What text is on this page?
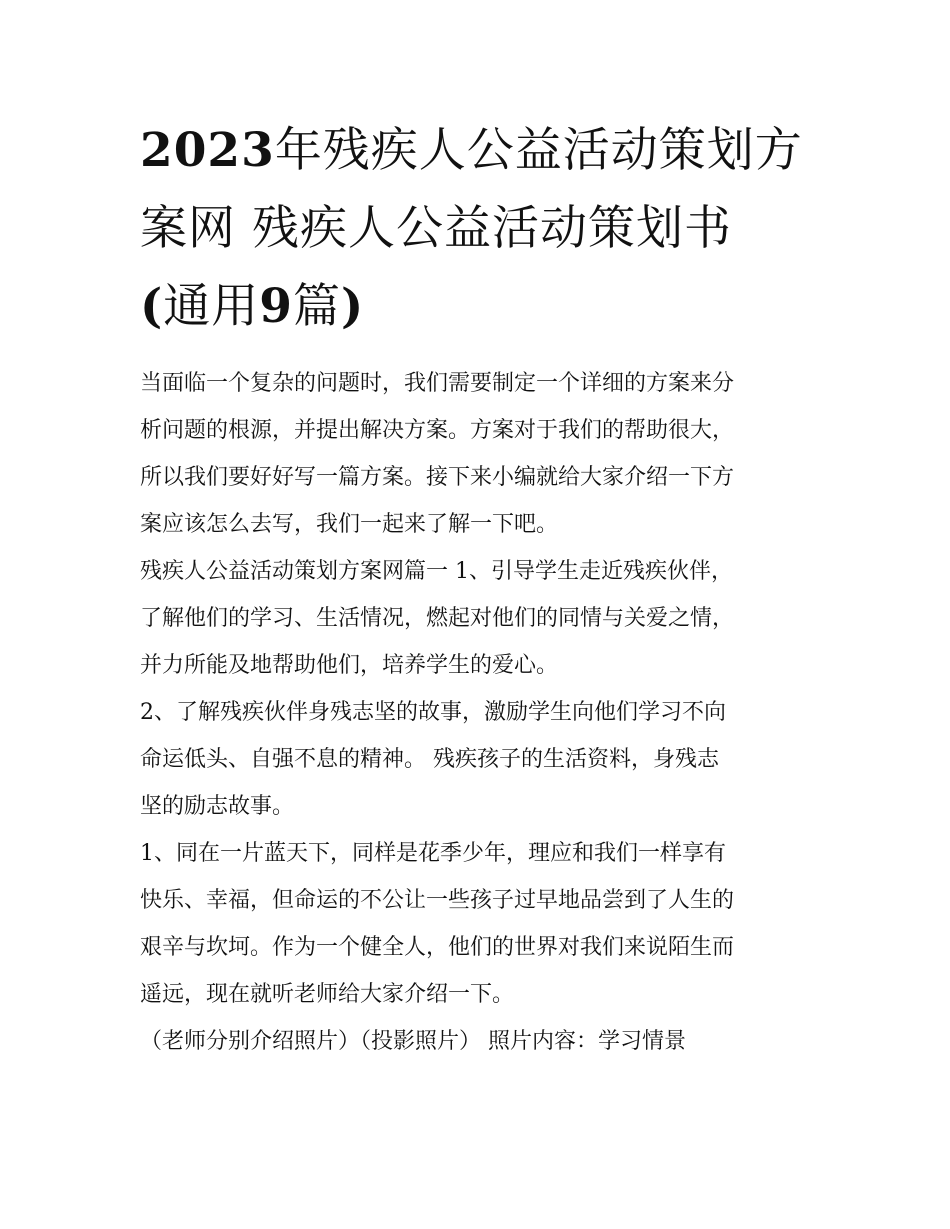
2023年残疾人公益活动策划方
案网 残疾人公益活动策划书
(通用9篇)

当面临一个复杂的问题时，我们需要制定一个详细的方案来分
析问题的根源，并提出解决方案。方案对于我们的帮助很大，
所以我们要好好写一篇方案。接下来小编就给大家介绍一下方
案应该怎么去写，我们一起来了解一下吧。

残疾人公益活动策划方案网篇一 1、引导学生走近残疾伙伴，
了解他们的学习、生活情况，燃起对他们的同情与关爱之情，
并力所能及地帮助他们，培养学生的爱心。

2、了解残疾伙伴身残志坚的故事，激励学生向他们学习不向
命运低头、自强不息的精神。 残疾孩子的生活资料，身残志
坚的励志故事。

1、同在一片蓝天下，同样是花季少年，理应和我们一样享有
快乐、幸福，但命运的不公让一些孩子过早地品尝到了人生的
艰辛与坎坷。作为一个健全人，他们的世界对我们来说陌生而
遥远，现在就听老师给大家介绍一下。

（老师分别介绍照片）（投影照片） 照片内容：学习情景
